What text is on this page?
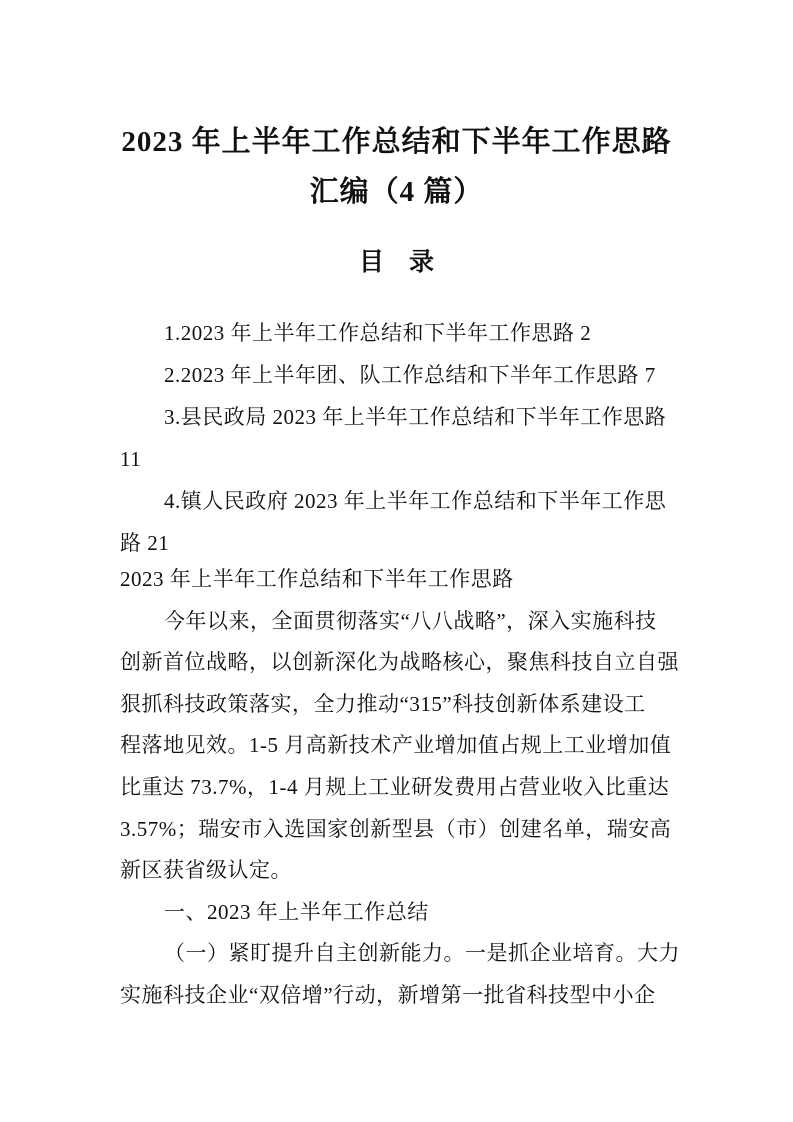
2023 年上半年工作总结和下半年工作思路
汇编（4 篇）
目　录
1.2023 年上半年工作总结和下半年工作思路 2
2.2023 年上半年团、队工作总结和下半年工作思路 7
3.县民政局 2023 年上半年工作总结和下半年工作思路
11
4.镇人民政府 2023 年上半年工作总结和下半年工作思
路 21
2023 年上半年工作总结和下半年工作思路
今年以来，全面贯彻落实“八八战略”，深入实施科技
创新首位战略，以创新深化为战略核心，聚焦科技自立自强
狠抓科技政策落实，全力推动“315”科技创新体系建设工
程落地见效。1-5 月高新技术产业增加值占规上工业增加值
比重达 73.7%，1-4 月规上工业研发费用占营业收入比重达
3.57%；瑞安市入选国家创新型县（市）创建名单，瑞安高
新区获省级认定。
一、2023 年上半年工作总结
（一）紧盯提升自主创新能力。一是抓企业培育。大力
实施科技企业“双倍增”行动，新增第一批省科技型中小企
